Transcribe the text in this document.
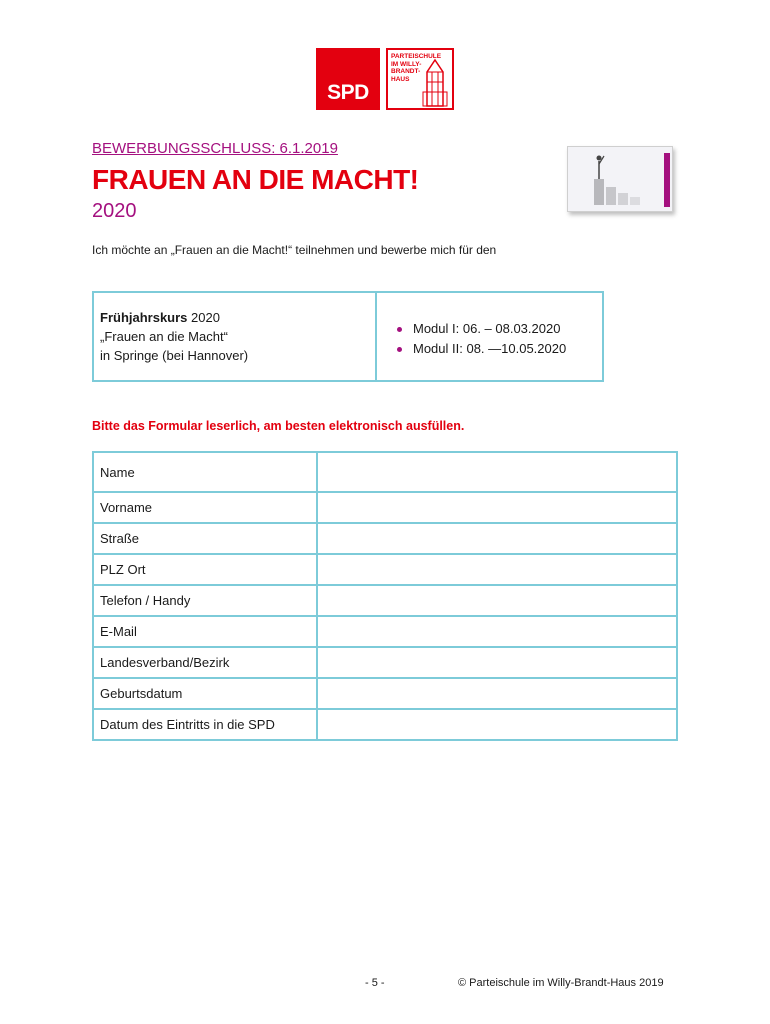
SPD
PARTEISCHULE IM WILLY-BRANDT-HAUS
BEWERBUNGSSCHLUSS: 6.1.2019
FRAUEN AN DIE MACHT!
2020
Ich möchte an „Frauen an die Macht!“ teilnehmen und bewerbe mich für den
Frühjahrskurs 2020
„Frauen an die Macht“
in Springe (bei Hannover)
Modul I: 06. – 08.03.2020
Modul II: 08. —10.05.2020
Bitte das Formular leserlich, am besten elektronisch ausfüllen.
Name	
Vorname	
Straße	
PLZ Ort	
Telefon / Handy	
E-Mail	
Landesverband/Bezirk	
Geburtsdatum	
Datum des Eintritts in die SPD	
- 5 -	© Parteischule im Willy-Brandt-Haus 2019
